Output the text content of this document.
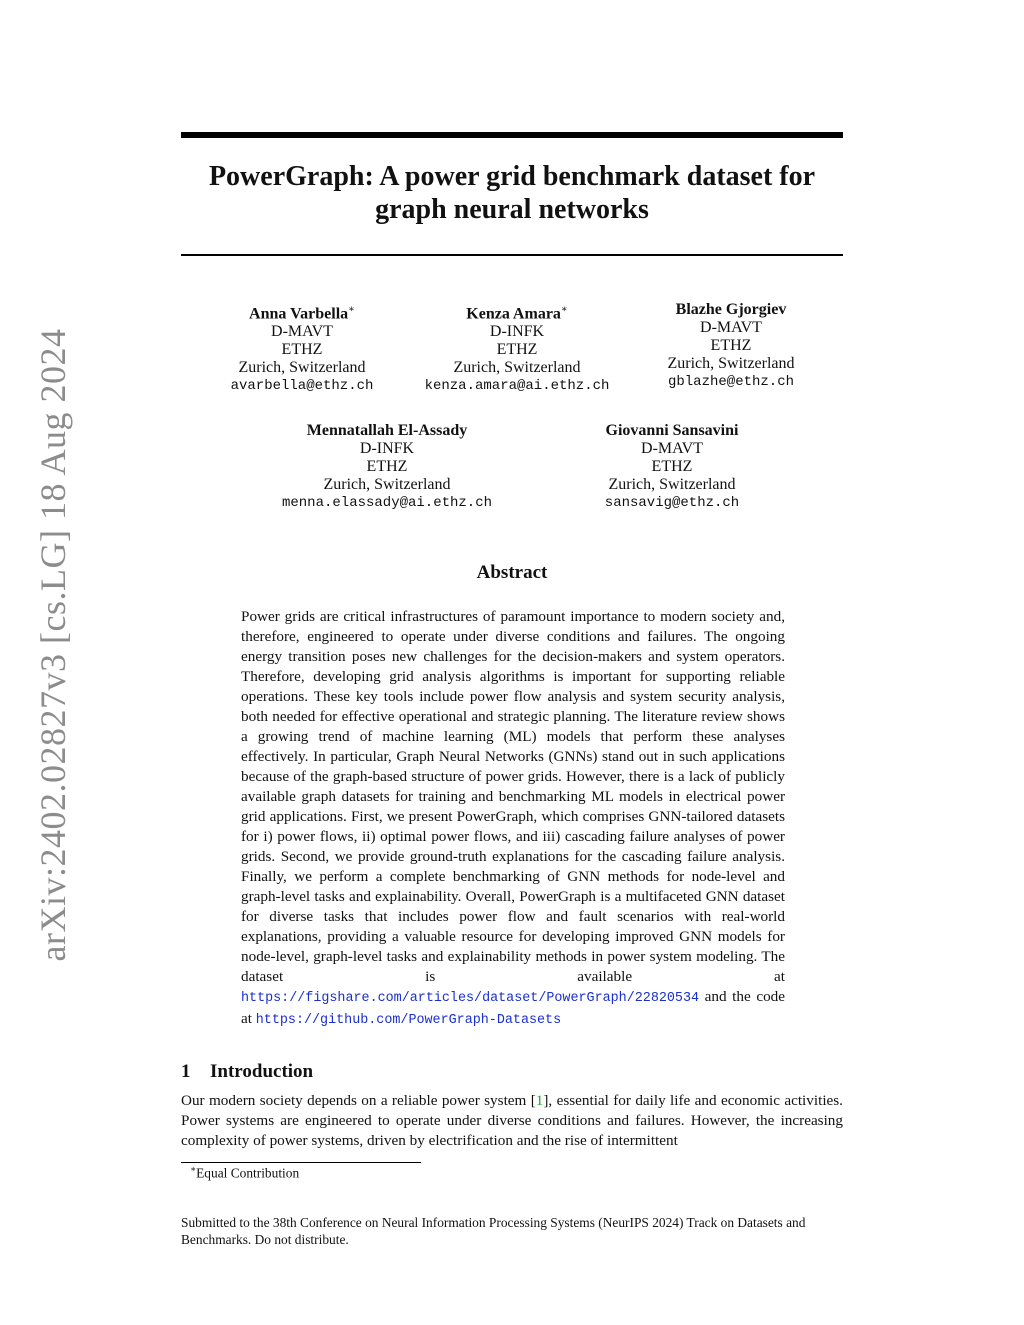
arXiv:2402.02827v3 [cs.LG] 18 Aug 2024
PowerGraph: A power grid benchmark dataset for
graph neural networks
Anna Varbella∗
D-MAVT
ETHZ
Zurich, Switzerland
avarbella@ethz.ch
Kenza Amara∗
D-INFK
ETHZ
Zurich, Switzerland
kenza.amara@ai.ethz.ch
Blazhe Gjorgiev
D-MAVT
ETHZ
Zurich, Switzerland
gblazhe@ethz.ch
Mennatallah El-Assady
D-INFK
ETHZ
Zurich, Switzerland
menna.elassady@ai.ethz.ch
Giovanni Sansavini
D-MAVT
ETHZ
Zurich, Switzerland
sansavig@ethz.ch
Abstract
Power grids are critical infrastructures of paramount importance to modern society and, therefore, engineered to operate under diverse conditions and failures. The ongoing energy transition poses new challenges for the decision-makers and system operators. Therefore, developing grid analysis algorithms is important for supporting reliable operations. These key tools include power flow analysis and system security analysis, both needed for effective operational and strategic planning. The literature review shows a growing trend of machine learning (ML) models that perform these analyses effectively. In particular, Graph Neural Networks (GNNs) stand out in such applications because of the graph-based structure of power grids. However, there is a lack of publicly available graph datasets for training and benchmarking ML models in electrical power grid applications. First, we present PowerGraph, which comprises GNN-tailored datasets for i) power flows, ii) optimal power flows, and iii) cascading failure analyses of power grids. Second, we provide ground-truth explanations for the cascading failure analysis. Finally, we perform a complete benchmarking of GNN methods for node-level and graph-level tasks and explainability. Overall, PowerGraph is a multifaceted GNN dataset for diverse tasks that includes power flow and fault scenarios with real-world explanations, providing a valuable resource for developing improved GNN models for node-level, graph-level tasks and explainability methods in power system modeling. The dataset is available at https://figshare.com/articles/dataset/PowerGraph/22820534 and the code at https://github.com/PowerGraph-Datasets
1 Introduction
Our modern society depends on a reliable power system [1], essential for daily life and economic activities. Power systems are engineered to operate under diverse conditions and failures. However, the increasing complexity of power systems, driven by electrification and the rise of intermittent
∗Equal Contribution
Submitted to the 38th Conference on Neural Information Processing Systems (NeurIPS 2024) Track on Datasets and Benchmarks. Do not distribute.
